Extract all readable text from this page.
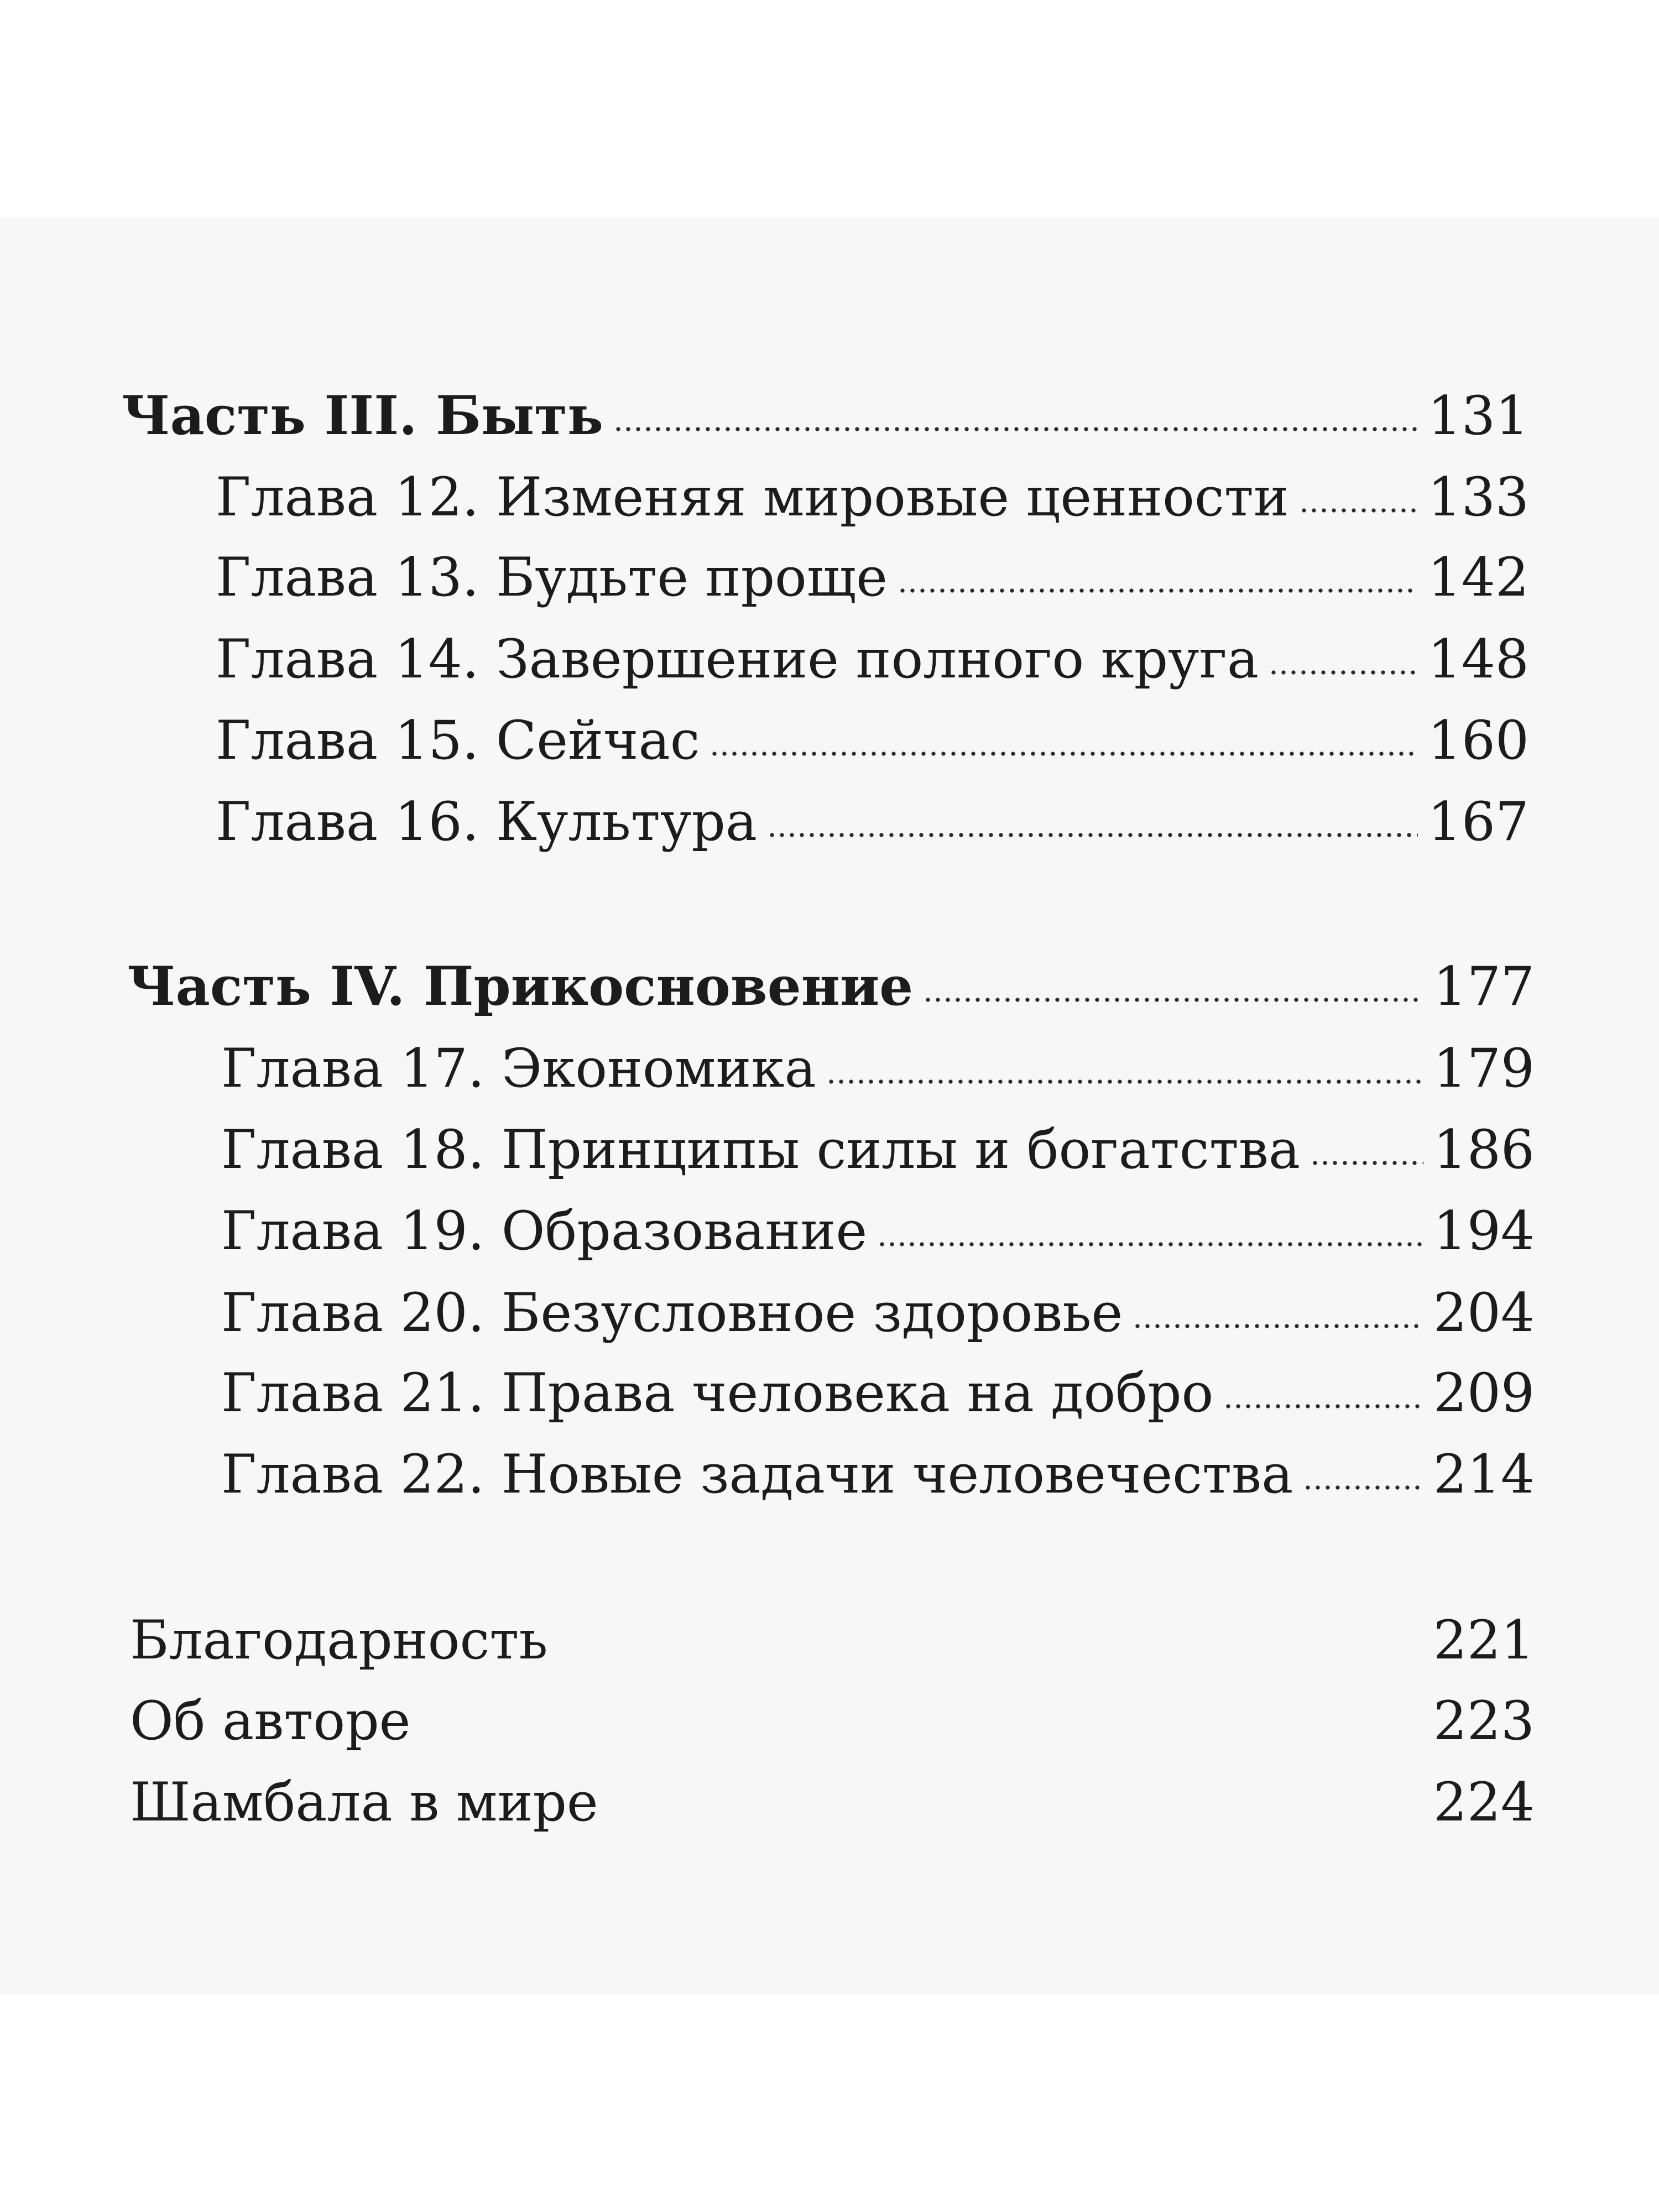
Часть III. Быть	131
Глава 12. Изменяя мировые ценности	133
Глава 13. Будьте проще	142
Глава 14. Завершение полного круга	148
Глава 15. Сейчас	160
Глава 16. Культура	167
Часть IV. Прикосновение	177
Глава 17. Экономика	179
Глава 18. Принципы силы и богатства	186
Глава 19. Образование	194
Глава 20. Безусловное здоровье	204
Глава 21. Права человека на добро	209
Глава 22. Новые задачи человечества	214
Благодарность	221
Об авторе	223
Шамбала в мире	224
